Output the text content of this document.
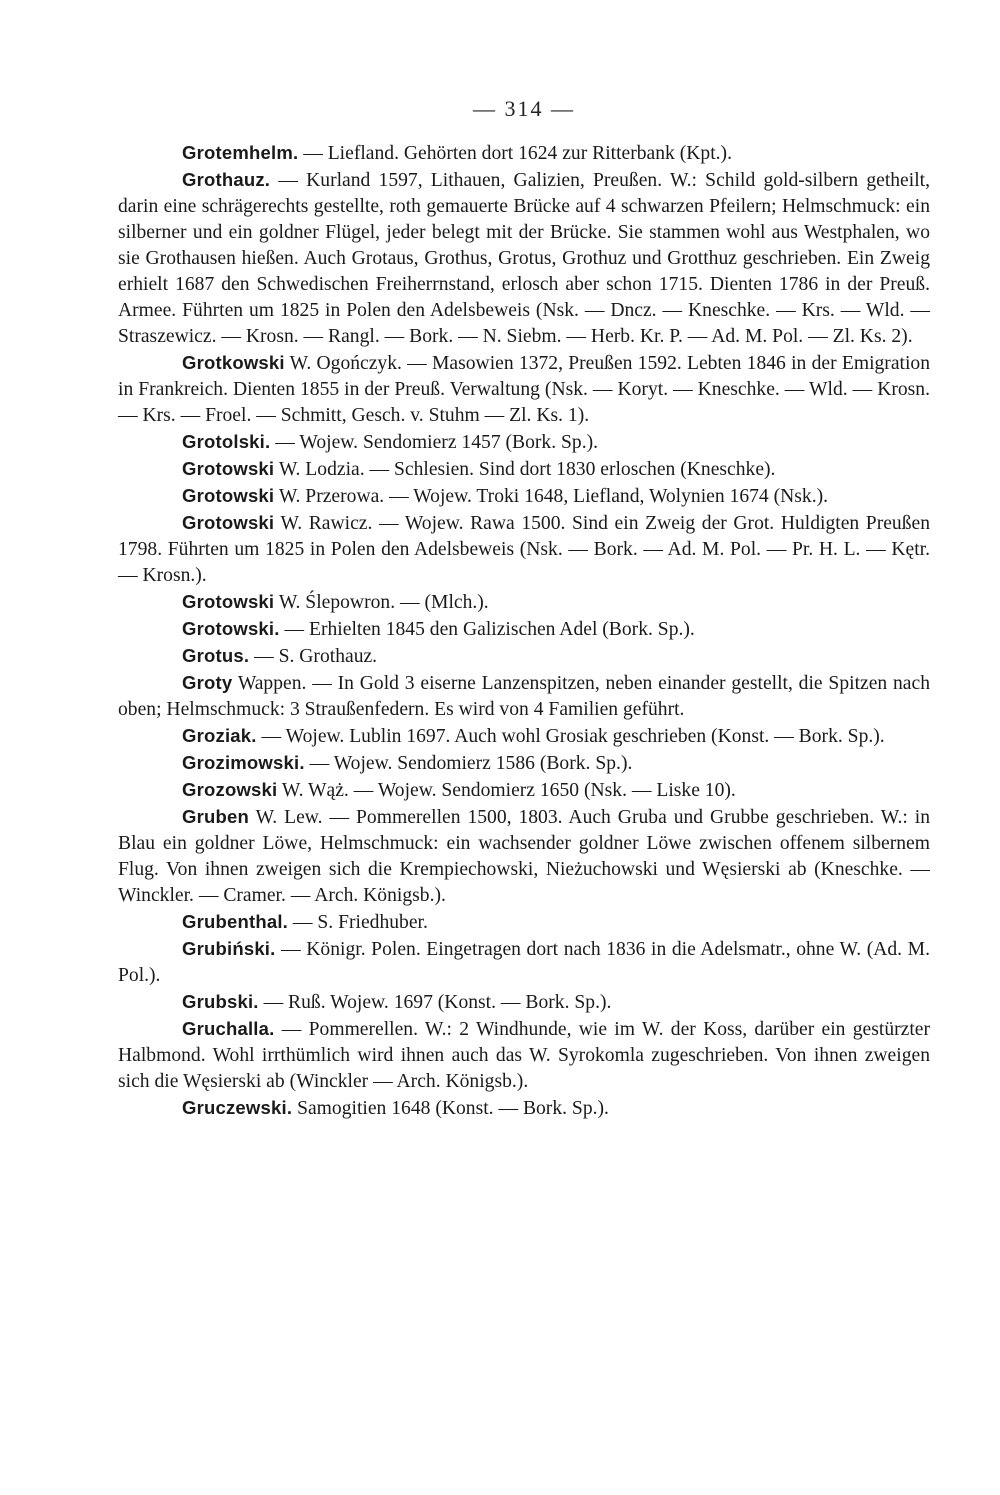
— 314 —

Grotemhelm. — Liefland. Gehörten dort 1624 zur Ritterbank (Kpt.).

Grothauz. — Kurland 1597, Lithauen, Galizien, Preußen. W.: Schild gold-silbern getheilt, darin eine schrägerechts gestellte, roth gemauerte Brücke auf 4 schwarzen Pfeilern; Helmschmuck: ein silberner und ein goldner Flügel, jeder belegt mit der Brücke. Sie stammen wohl aus Westphalen, wo sie Grothausen hießen. Auch Grotaus, Grothus, Grotus, Grothuz und Grotthuz geschrieben. Ein Zweig erhielt 1687 den Schwedischen Freiherrnstand, erlosch aber schon 1715. Dienten 1786 in der Preuß. Armee. Führten um 1825 in Polen den Adelsbeweis (Nsk. — Dncz. — Kneschke. — Krs. — Wld. — Straszewicz. — Krosn. — Rangl. — Bork. — N. Siebm. — Herb. Kr. P. — Ad. M. Pol. — Zl. Ks. 2).

Grotkowski W. Ogończyk. — Masowien 1372, Preußen 1592. Lebten 1846 in der Emigration in Frankreich. Dienten 1855 in der Preuß. Verwaltung (Nsk. — Koryt. — Kneschke. — Wld. — Krosn. — Krs. — Froel. — Schmitt, Gesch. v. Stuhm — Zl. Ks. 1).

Grotolski. — Wojew. Sendomierz 1457 (Bork. Sp.).

Grotowski W. Lodzia. — Schlesien. Sind dort 1830 erloschen (Kneschke).

Grotowski W. Przerowa. — Wojew. Troki 1648, Liefland, Wolynien 1674 (Nsk.).

Grotowski W. Rawicz. — Wojew. Rawa 1500. Sind ein Zweig der Grot. Huldigten Preußen 1798. Führten um 1825 in Polen den Adelsbeweis (Nsk. — Bork. — Ad. M. Pol. — Pr. H. L. — Kętr. — Krosn.).

Grotowski W. Ślepowron. — (Mlch.).

Grotowski. — Erhielten 1845 den Galizischen Adel (Bork. Sp.).

Grotus. — S. Grothauz.

Groty Wappen. — In Gold 3 eiserne Lanzenspitzen, neben einander gestellt, die Spitzen nach oben; Helmschmuck: 3 Straußenfedern. Es wird von 4 Familien geführt.

Groziak. — Wojew. Lublin 1697. Auch wohl Grosiak geschrieben (Konst. — Bork. Sp.).

Grozimowski. — Wojew. Sendomierz 1586 (Bork. Sp.).

Grozowski W. Wąż. — Wojew. Sendomierz 1650 (Nsk. — Liske 10).

Gruben W. Lew. — Pommerellen 1500, 1803. Auch Gruba und Grubbe geschrieben. W.: in Blau ein goldner Löwe, Helmschmuck: ein wachsender goldner Löwe zwischen offenem silbernem Flug. Von ihnen zweigen sich die Krempiechowski, Nieżuchowski und Węsierski ab (Kneschke. — Winckler. — Cramer. — Arch. Königsb.).

Grubenthal. — S. Friedhuber.

Grubiński. — Königr. Polen. Eingetragen dort nach 1836 in die Adelsmatr., ohne W. (Ad. M. Pol.).

Grubski. — Ruß. Wojew. 1697 (Konst. — Bork. Sp.).

Gruchalla. — Pommerellen. W.: 2 Windhunde, wie im W. der Koss, darüber ein gestürzter Halbmond. Wohl irrthümlich wird ihnen auch das W. Syrokomla zugeschrieben. Von ihnen zweigen sich die Węsierski ab (Winckler — Arch. Königsb.).

Gruczewski. Samogitien 1648 (Konst. — Bork. Sp.).
